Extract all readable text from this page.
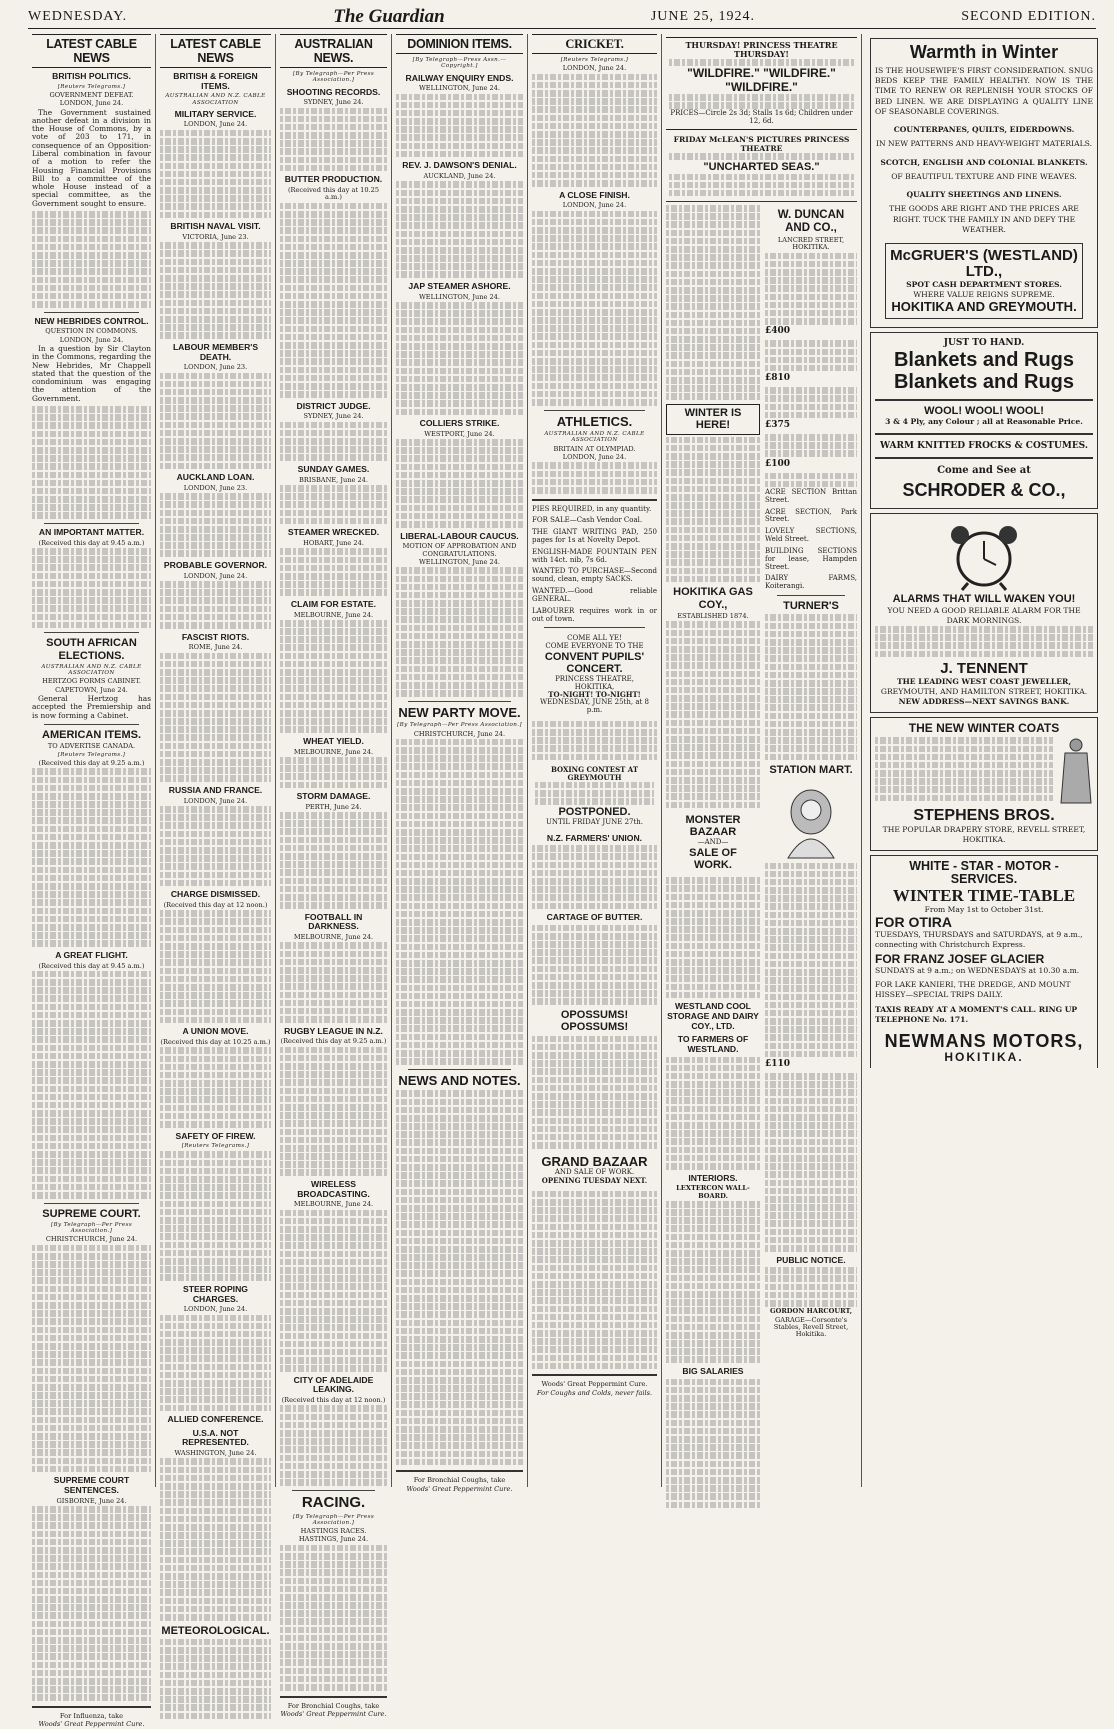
WEDNESDAY.	The Guardian	JUNE 25, 1924.	SECOND EDITION.
LATEST CABLE NEWS
BRITISH POLITICS.
[Reuters Telegrams.]
GOVERNMENT DEFEAT.
LONDON, June 24.

The Government sustained another defeat in a division in the House of Commons, by a vote of 203 to 171, in consequence of an Opposition-Liberal combination in favour of a motion to refer the Housing Financial Provisions Bill to a committee of the whole House instead of a special committee, as the Government sought to ensure.

NEW HEBRIDES CONTROL.
QUESTION IN COMMONS.
LONDON, June 24.

In a question by Sir Clayton in the Commons, regarding the New Hebrides, Mr Chappell stated that the question of the condominium was engaging the attention of the Government.

AN IMPORTANT MATTER.
(Received this day at 9.45 a.m.)
SOUTH AFRICAN ELECTIONS.
AUSTRALIAN AND N.Z. CABLE ASSOCIATION
HERTZOG FORMS CABINET.
CAPETOWN, June 24.

General Hertzog has accepted the Premiership and is now forming a Cabinet.

AMERICAN ITEMS.
TO ADVERTISE CANADA.
[Reuters Telegrams.]
(Received this day at 9.25 a.m.)
A GREAT FLIGHT.
(Received this day at 9.45 a.m.)
SUPREME COURT.
[By Telegraph—Per Press Association.]
CHRISTCHURCH, June 24.
SUPREME COURT SENTENCES.
GISBORNE, June 24.
For Influenza, take
Woods' Great Peppermint Cure.
LATEST CABLE NEWS
BRITISH & FOREIGN ITEMS.
AUSTRALIAN AND N.Z. CABLE ASSOCIATION
MILITARY SERVICE.
LONDON, June 24.
BRITISH NAVAL VISIT.
VICTORIA, June 23.
LABOUR MEMBER'S DEATH.
LONDON, June 23.
AUCKLAND LOAN.
LONDON, June 23.
PROBABLE GOVERNOR.
LONDON, June 24.
FASCIST RIOTS.
ROME, June 24.
RUSSIA AND FRANCE.
LONDON, June 24.
CHARGE DISMISSED.
(Received this day at 12 noon.)
A UNION MOVE.
(Received this day at 10.25 a.m.)
SAFETY OF FIREW.
[Reuters Telegrams.]
STEER ROPING CHARGES.
LONDON, June 24.
ALLIED CONFERENCE.
U.S.A. NOT REPRESENTED.
WASHINGTON, June 24.
METEOROLOGICAL.
AUSTRALIAN NEWS.
[By Telegraph—Per Press Association.]
SHOOTING RECORDS.
SYDNEY, June 24.
BUTTER PRODUCTION.
(Received this day at 10.25 a.m.)
DISTRICT JUDGE.
SYDNEY, June 24.
SUNDAY GAMES.
BRISBANE, June 24.
STEAMER WRECKED.
HOBART, June 24.
CLAIM FOR ESTATE.
MELBOURNE, June 24.
WHEAT YIELD.
MELBOURNE, June 24.
STORM DAMAGE.
PERTH, June 24.
FOOTBALL IN DARKNESS.
MELBOURNE, June 24.
RUGBY LEAGUE IN N.Z.
(Received this day at 9.25 a.m.)
WIRELESS BROADCASTING.
MELBOURNE, June 24.
CITY OF ADELAIDE LEAKING.
(Received this day at 12 noon.)
RACING.
[By Telegraph—Per Press Association.]
HASTINGS RACES.
HASTINGS, June 24.
For Bronchial Coughs, take
Woods' Great Peppermint Cure.
DOMINION ITEMS.
[By Telegraph—Press Assn.—Copyright.]
RAILWAY ENQUIRY ENDS.
WELLINGTON, June 24.
REV. J. DAWSON'S DENIAL.
AUCKLAND, June 24.
JAP STEAMER ASHORE.
WELLINGTON, June 24.
COLLIERS STRIKE.
WESTPORT, June 24.
LIBERAL-LABOUR CAUCUS.
MOTION OF APPROBATION AND CONGRATULATIONS.
WELLINGTON, June 24.
NEW PARTY MOVE.
[By Telegraph—Per Press Association.]
CHRISTCHURCH, June 24.
NEWS AND NOTES.
For Bronchial Coughs, take
Woods' Great Peppermint Cure.
CRICKET.
[Reuters Telegrams.]
LONDON, June 24.
A CLOSE FINISH.
LONDON, June 24.
ATHLETICS.
AUSTRALIAN AND N.Z. CABLE ASSOCIATION
BRITAIN AT OLYMPIAD.
LONDON, June 24.

PIES REQUIRED, in any quantity.

FOR SALE—Cash Vendor Coal.

THE GIANT WRITING PAD, 250 pages for 1s at Novelty Depot.

ENGLISH-MADE FOUNTAIN PEN with 14ct. nib, 7s 6d.

WANTED TO PURCHASE—Second sound, clean, empty SACKS.

WANTED.—Good reliable GENERAL.

LABOURER requires work in or out of town.

COME ALL YE!
COME EVERYONE TO THE
CONVENT PUPILS' CONCERT.
PRINCESS THEATRE, HOKITIKA,
TO-NIGHT! TO-NIGHT!
WEDNESDAY, JUNE 25th, at 8 p.m.
BOXING CONTEST AT GREYMOUTH
POSTPONED.
UNTIL FRIDAY JUNE 27th.
N.Z. FARMERS' UNION.
CARTAGE OF BUTTER.
OPOSSUMS! OPOSSUMS!
GRAND BAZAAR
AND SALE OF WORK.
OPENING TUESDAY NEXT.
Woods' Great Peppermint Cure.
For Coughs and Colds, never fails.
THURSDAY! PRINCESS THEATRE THURSDAY!
"WILDFIRE." "WILDFIRE." "WILDFIRE."
PRICES—Circle 2s 3d; Stalls 1s 6d; Children under 12, 6d.
FRIDAY McLEAN'S PICTURES PRINCESS THEATRE
"UNCHARTED SEAS."
WINTER IS HERE!
HOKITIKA GAS COY.,
ESTABLISHED 1874.
MONSTER BAZAAR
—AND—
SALE OF WORK.
WESTLAND COOL STORAGE AND DAIRY COY., LTD.
TO FARMERS OF WESTLAND.
INTERIORS.
LEXTERCON WALL-BOARD.
BIG SALARIES
W. DUNCAN AND CO.,
LANCRED STREET, HOKITIKA.
£400
£810
£375
£100

ACRE SECTION Brittan Street.

ACRE SECTION, Park Street.

LOVELY SECTIONS, Weld Street.

BUILDING SECTIONS for lease, Hampden Street.

DAIRY FARMS, Koiterangi.

TURNER'S
STATION MART.
£110
PUBLIC NOTICE.
GORDON HARCOURT,
GARAGE—Corsonte's Stables, Revell Street, Hokitika.
Warmth in Winter
IS THE HOUSEWIFE'S FIRST CONSIDERATION. SNUG BEDS KEEP THE FAMILY HEALTHY. NOW IS THE TIME TO RENEW OR REPLENISH YOUR STOCKS OF BED LINEN. WE ARE DISPLAYING A QUALITY LINE OF SEASONABLE COVERINGS.
COUNTERPANES, QUILTS, EIDERDOWNS.
IN NEW PATTERNS AND HEAVY-WEIGHT MATERIALS.
SCOTCH, ENGLISH AND COLONIAL BLANKETS.
OF BEAUTIFUL TEXTURE AND FINE WEAVES.
QUALITY SHEETINGS AND LINENS.
THE GOODS ARE RIGHT AND THE PRICES ARE RIGHT. TUCK THE FAMILY IN AND DEFY THE WEATHER.
McGRUER'S (WESTLAND) LTD.,
SPOT CASH DEPARTMENT STORES.
WHERE VALUE REIGNS SUPREME.
HOKITIKA AND GREYMOUTH.
JUST TO HAND.
Blankets and Rugs
Blankets and Rugs
WOOL! WOOL! WOOL!
3 & 4 Ply, any Colour ; all at Reasonable Price.
WARM KNITTED FROCKS & COSTUMES.
Come and See at
SCHRODER & CO.,
ALARMS THAT WILL WAKEN YOU!
YOU NEED A GOOD RELIABLE ALARM FOR THE DARK MORNINGS.
J. TENNENT
THE LEADING WEST COAST JEWELLER,
GREYMOUTH, AND HAMILTON STREET, HOKITIKA.
NEW ADDRESS—NEXT SAVINGS BANK.
THE NEW WINTER COATS
STEPHENS BROS.
THE POPULAR DRAPERY STORE, REVELL STREET, HOKITIKA.
WHITE - STAR - MOTOR - SERVICES.
WINTER TIME-TABLE
From May 1st to October 31st.
FOR OTIRA
TUESDAYS, THURSDAYS and SATURDAYS, at 9 a.m., connecting with Christchurch Express.
FOR FRANZ JOSEF GLACIER
SUNDAYS at 9 a.m.; on WEDNESDAYS at 10.30 a.m.
FOR LAKE KANIERI, THE DREDGE, AND MOUNT HISSEY—SPECIAL TRIPS DAILY.
TAXIS READY AT A MOMENT'S CALL. RING UP TELEPHONE No. 171.
NEWMANS MOTORS,
HOKITIKA.
